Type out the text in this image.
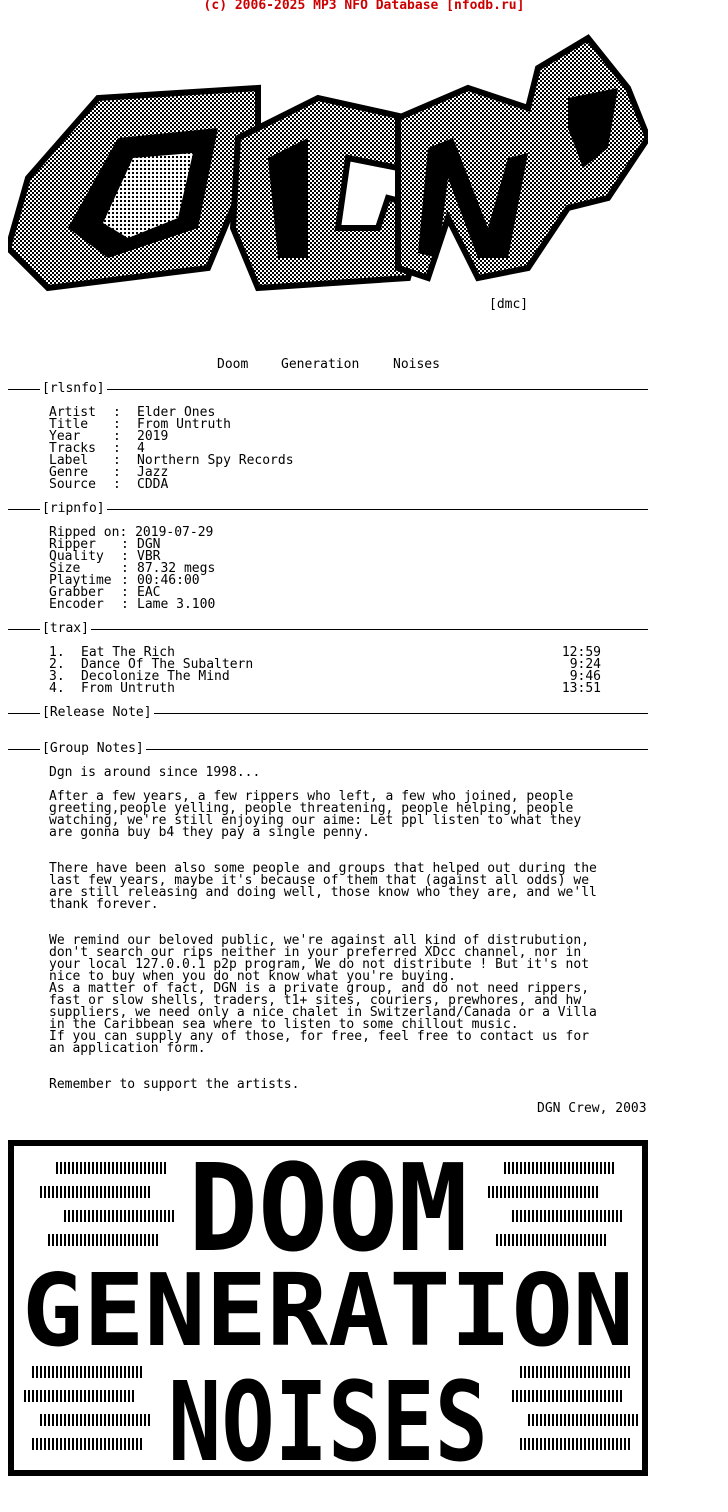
(c) 2006-2025 MP3 NFO Database [nfodb.ru]
[dmc]
Doom	Generation	Noises
[rlsnfo]
Artist : Elder Ones
Title : From Untruth
Year : 2019
Tracks : 4
Label : Northern Spy Records
Genre : Jazz
Source : CDDA
[ripnfo]
Ripped on: 2019-07-29
Ripper : DGN
Quality : VBR
Size : 87.32 megs
Playtime : 00:46:00
Grabber : EAC
Encoder : Lame 3.100
[trax]
1. Eat The Rich	12:59
2. Dance Of The Subaltern	9:24
3. Decolonize The Mind	9:46
4. From Untruth	13:51
[Release Note]
[Group Notes]
Dgn is around since 1998...
After a few years, a few rippers who left, a few who joined, people
greeting,people yelling, people threatening, people helping, people
watching, we're still enjoying our aime: Let ppl listen to what they
are gonna buy b4 they pay a single penny.
There have been also some people and groups that helped out during the
last few years, maybe it's because of them that (against all odds) we
are still releasing and doing well, those know who they are, and we'll
thank forever.
We remind our beloved public, we're against all kind of distrubution,
don't search our rips neither in your preferred XDcc channel, nor in
your local 127.0.0.1 p2p program, We do not distribute ! But it's not
nice to buy when you do not know what you're buying.
As a matter of fact, DGN is a private group, and do not need rippers,
fast or slow shells, traders, t1+ sites, couriers, prewhores, and hw
suppliers, we need only a nice chalet in Switzerland/Canada or a Villa
in the Caribbean sea where to listen to some chillout music.
If you can supply any of those, for free, feel free to contact us for
an application form.
Remember to support the artists.
DGN Crew, 2003
DOOM
GENERATION
NOISES
